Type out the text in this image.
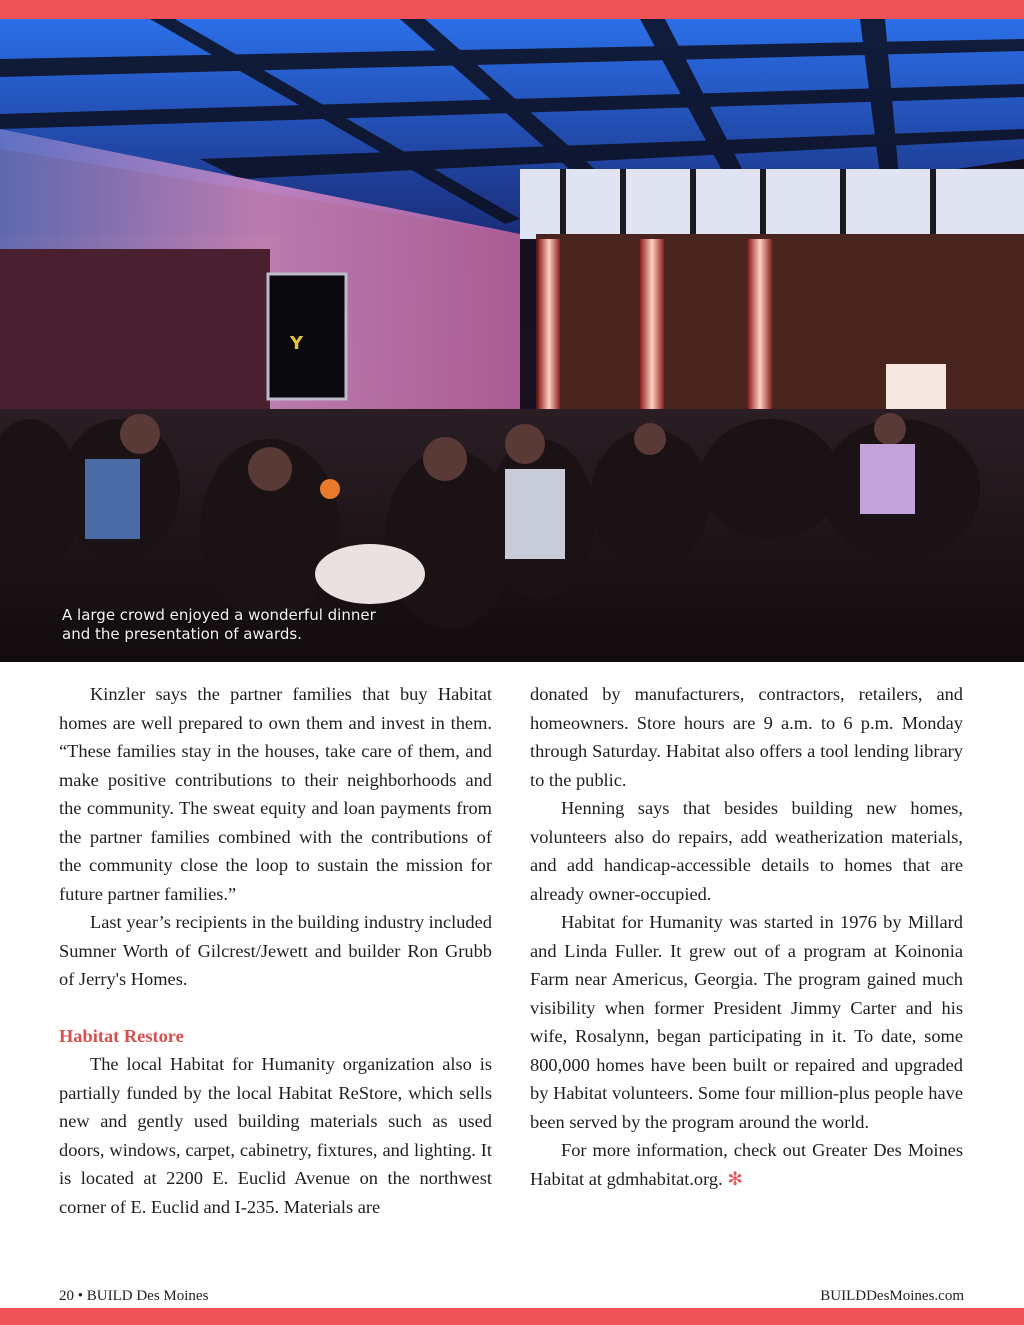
Y
A large crowd enjoyed a wonderful dinner and the presentation of awards.

Kinzler says the partner families that buy Habitat homes are well prepared to own them and invest in them. “These families stay in the houses, take care of them, and make positive contributions to their neighborhoods and the community. The sweat equity and loan payments from the partner families combined with the contributions of the community close the loop to sustain the mission for future partner families.”

Last year’s recipients in the building industry included Sumner Worth of Gilcrest/Jewett and builder Ron Grubb of Jerry's Homes.

Habitat Restore

The local Habitat for Humanity organization also is partially funded by the local Habitat ReStore, which sells new and gently used building materials such as used doors, windows, carpet, cabinetry, fixtures, and lighting. It is located at 2200 E. Euclid Avenue on the northwest corner of E. Euclid and I-235. Materials are

donated by manufacturers, contractors, retailers, and homeowners. Store hours are 9 a.m. to 6 p.m. Monday through Saturday. Habitat also offers a tool lending library to the public.

Henning says that besides building new homes, volunteers also do repairs, add weatherization materials, and add handicap-accessible details to homes that are already owner-occupied.

Habitat for Humanity was started in 1976 by Millard and Linda Fuller. It grew out of a program at Koinonia Farm near Americus, Georgia. The program gained much visibility when former President Jimmy Carter and his wife, Rosalynn, began participating in it. To date, some 800,000 homes have been built or repaired and upgraded by Habitat volunteers. Some four million-plus people have been served by the program around the world.

For more information, check out Greater Des Moines Habitat at gdmhabitat.org. ✻

20 • BUILD Des Moines	BUILDDesMoines.com
